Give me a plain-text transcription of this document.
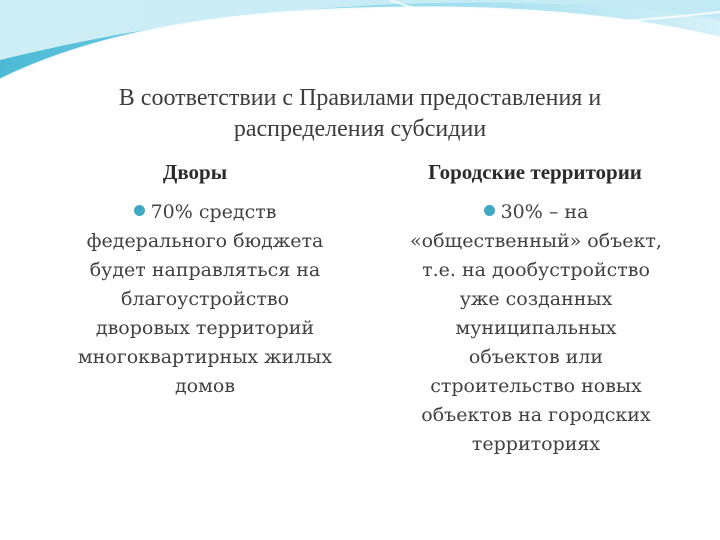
В соответствии с Правилами предоставления и
распределения субсидии
Дворы	Городские территории
70% средств
федерального бюджета
будет направляться на
благоустройство
дворовых территорий
многоквартирных жилых
домов
30% – на
«общественный» объект,
т.е. на дообустройство
уже созданных
муниципальных
объектов или
строительство новых
объектов на городских
территориях
